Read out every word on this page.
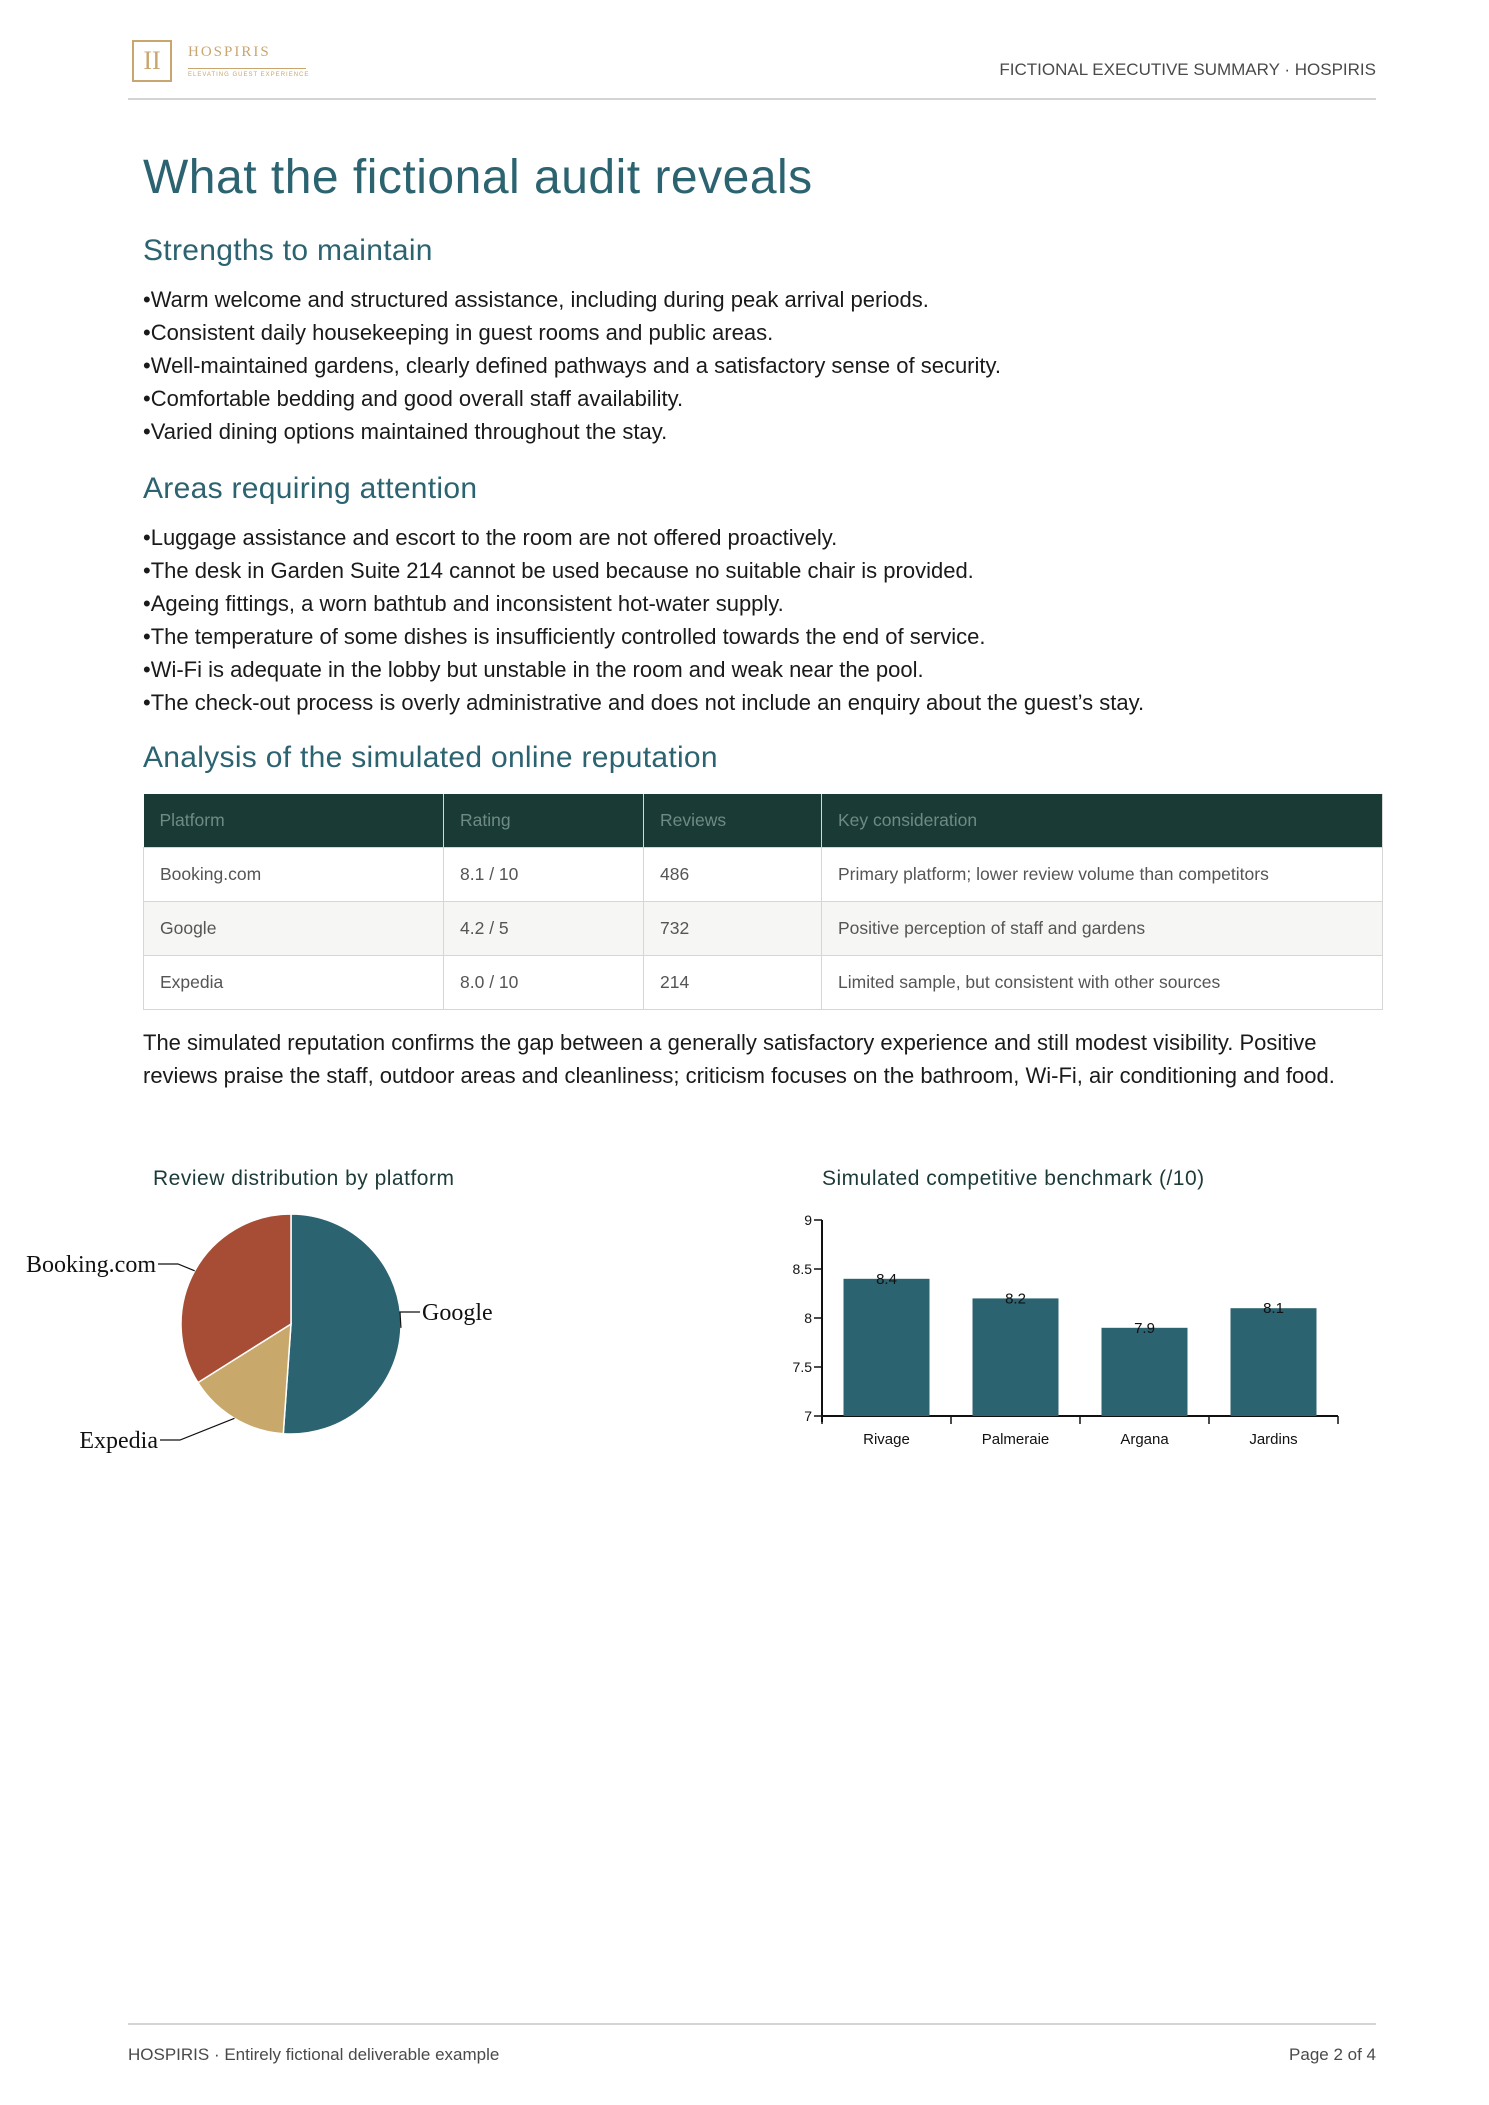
II	HOSPIRIS
ELEVATING GUEST EXPERIENCE	FICTIONAL EXECUTIVE SUMMARY · HOSPIRIS
What the fictional audit reveals
Strengths to maintain
• Warm welcome and structured assistance, including during peak arrival periods.
• Consistent daily housekeeping in guest rooms and public areas.
• Well-maintained gardens, clearly defined pathways and a satisfactory sense of security.
• Comfortable bedding and good overall staff availability.
• Varied dining options maintained throughout the stay.
Areas requiring attention
• Luggage assistance and escort to the room are not offered proactively.
• The desk in Garden Suite 214 cannot be used because no suitable chair is provided.
• Ageing fittings, a worn bathtub and inconsistent hot-water supply.
• The temperature of some dishes is insufficiently controlled towards the end of service.
• Wi-Fi is adequate in the lobby but unstable in the room and weak near the pool.
• The check-out process is overly administrative and does not include an enquiry about the guest’s stay.
Analysis of the simulated online reputation
Platform	Rating	Reviews	Key consideration
Booking.com	8.1 / 10	486	Primary platform; lower review volume than competitors
Google	4.2 / 5	732	Positive perception of staff and gardens
Expedia	8.0 / 10	214	Limited sample, but consistent with other sources

The simulated reputation confirms the gap between a generally satisfactory experience and still modest visibility. Positive reviews praise the staff, outdoor areas and cleanliness; criticism focuses on the bathroom, Wi-Fi, air conditioning and food.

Review distribution by platform
Google
Expedia
Booking.com
Simulated competitive benchmark (/10)
7
7.5
8
8.5
9
8.4
Rivage
8.2
Palmeraie
7.9
Argana
8.1
Jardins
HOSPIRIS · Entirely fictional deliverable example	Page 2 of 4
